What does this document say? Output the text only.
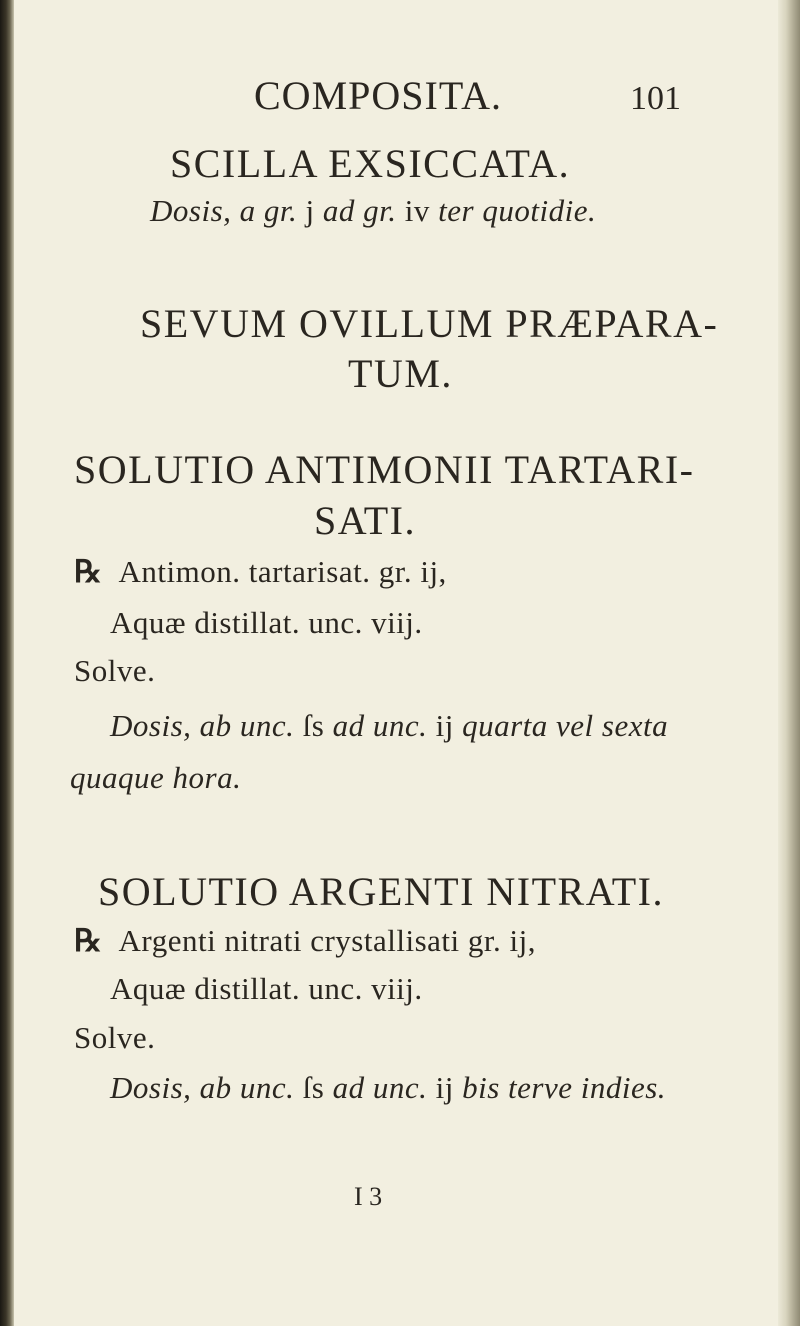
COMPOSITA.	101
SCILLA EXSICCATA.
Dosis, a gr. j ad gr. iv ter quotidie.
SEVUM OVILLUM PRÆPARA-
TUM.
SOLUTIO ANTIMONII TARTARI-
SATI.
℞ Antimon. tartarisat. gr. ij,
Aquæ distillat. unc. viij.
Solve.
Dosis, ab unc. ſs ad unc. ij quarta vel sexta
quaque hora.
SOLUTIO ARGENTI NITRATI.
℞ Argenti nitrati crystallisati gr. ij,
Aquæ distillat. unc. viij.
Solve.
Dosis, ab unc. ſs ad unc. ij bis terve indies.
I 3
